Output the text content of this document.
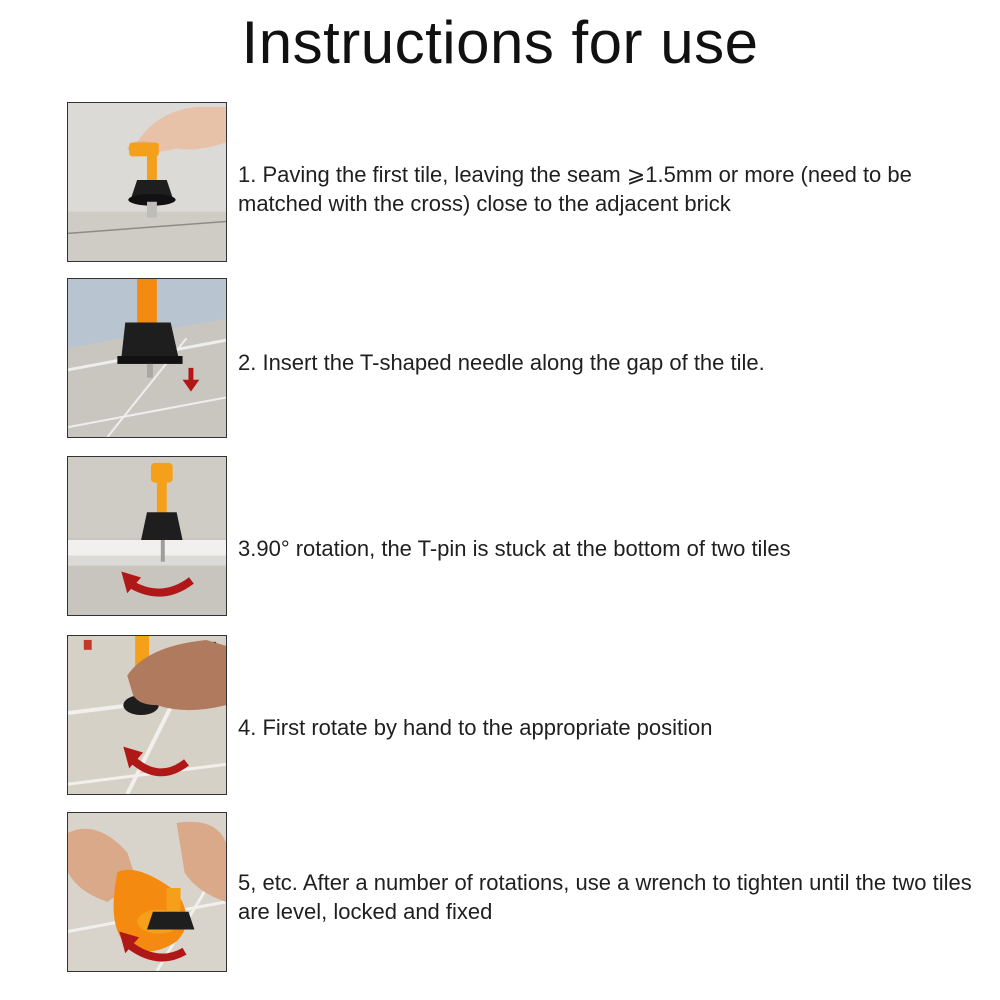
Instructions for use
1. Paving the first tile, leaving the seam ⩾1.5mm or more (need to be matched with the cross) close to the adjacent brick
2. Insert the T-shaped needle along the gap of the tile.
3.90° rotation, the T-pin is stuck at the bottom of two tiles
4. First rotate by hand to the appropriate position
5, etc. After a number of rotations, use a wrench to tighten until the two tiles are level, locked and fixed
